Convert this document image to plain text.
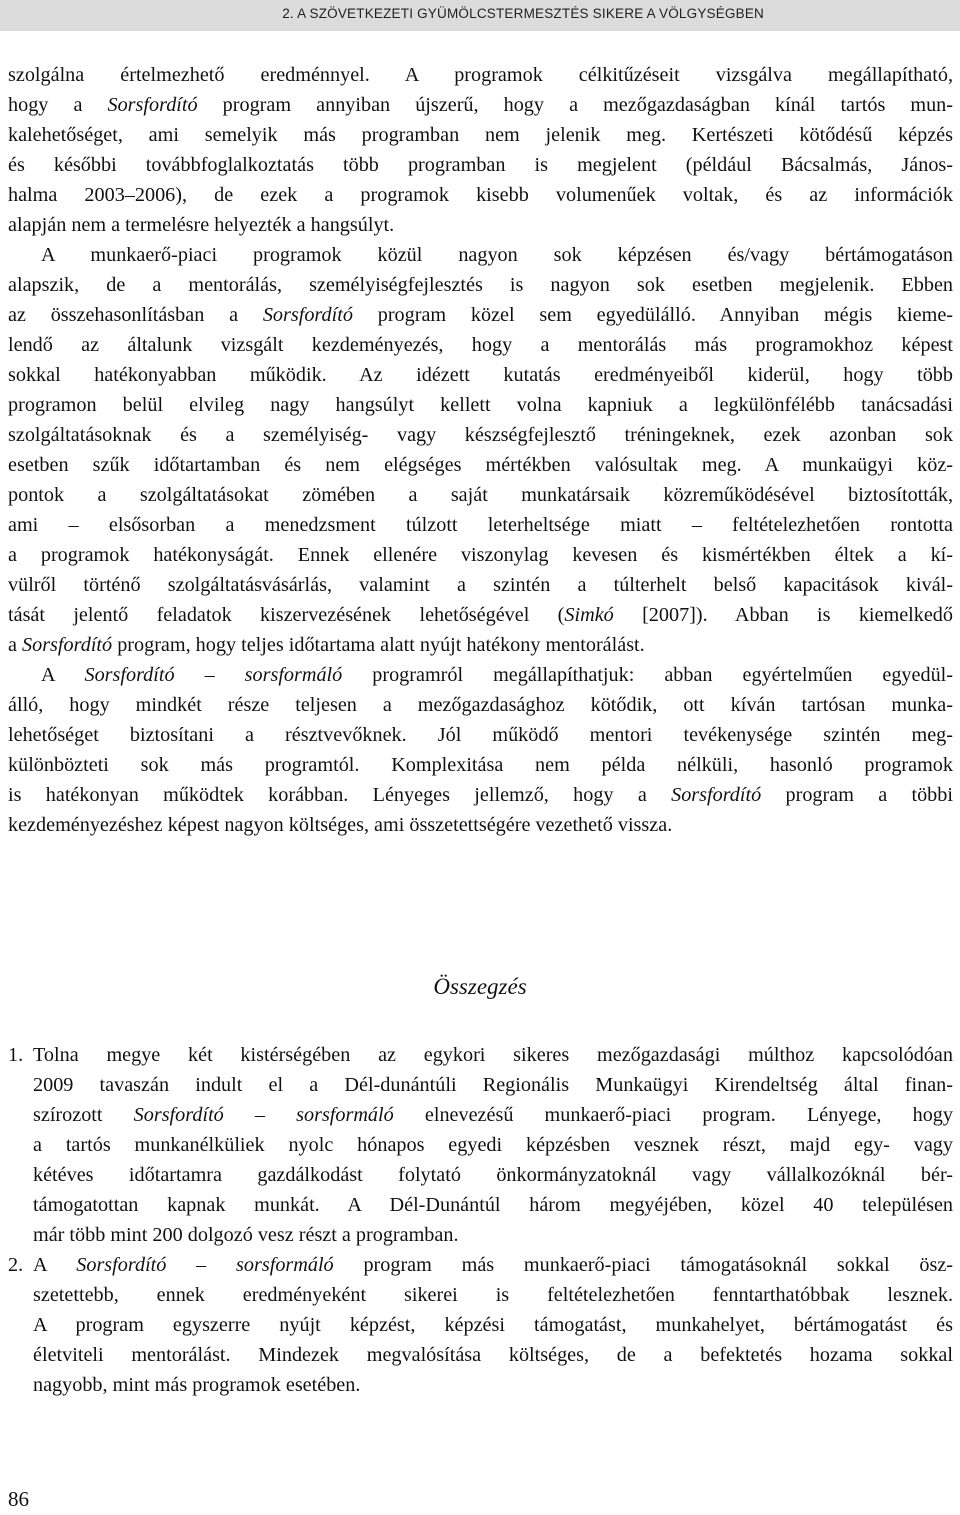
2. A SZÖVETKEZETI GYÜMÖLCSTERMESZTÉS SIKERE A VÖLGYSÉGBEN
szolgálna értelmezhető eredménnyel. A programok célkitűzéseit vizsgálva megállapítható,
hogy a Sorsfordító program annyiban újszerű, hogy a mezőgazdaságban kínál tartós mun-
kalehetőséget, ami semelyik más programban nem jelenik meg. Kertészeti kötődésű képzés
és későbbi továbbfoglalkoztatás több programban is megjelent (például Bácsalmás, János-
halma 2003–2006), de ezek a programok kisebb volumenűek voltak, és az információk
alapján nem a termelésre helyezték a hangsúlyt.
A munkaerő-piaci programok közül nagyon sok képzésen és/vagy bértámogatáson
alapszik, de a mentorálás, személyiségfejlesztés is nagyon sok esetben megjelenik. Ebben
az összehasonlításban a Sorsfordító program közel sem egyedülálló. Annyiban mégis kieme-
lendő az általunk vizsgált kezdeményezés, hogy a mentorálás más programokhoz képest
sokkal hatékonyabban működik. Az idézett kutatás eredményeiből kiderül, hogy több
programon belül elvileg nagy hangsúlyt kellett volna kapniuk a legkülönfélébb tanácsadási
szolgáltatásoknak és a személyiség- vagy készségfejlesztő tréningeknek, ezek azonban sok
esetben szűk időtartamban és nem elégséges mértékben valósultak meg. A munkaügyi köz-
pontok a szolgáltatásokat zömében a saját munkatársaik közreműködésével biztosították,
ami – elsősorban a menedzsment túlzott leterheltsége miatt – feltételezhetően rontotta
a programok hatékonyságát. Ennek ellenére viszonylag kevesen és kismértékben éltek a kí-
vülről történő szolgáltatásvásárlás, valamint a szintén a túlterhelt belső kapacitások kivál-
tását jelentő feladatok kiszervezésének lehetőségével (Simkó [2007]). Abban is kiemelkedő
a Sorsfordító program, hogy teljes időtartama alatt nyújt hatékony mentorálást.
A Sorsfordító – sorsformáló programról megállapíthatjuk: abban egyértelműen egyedül-
álló, hogy mindkét része teljesen a mezőgazdasághoz kötődik, ott kíván tartósan munka-
lehetőséget biztosítani a résztvevőknek. Jól működő mentori tevékenysége szintén meg-
különbözteti sok más programtól. Komplexitása nem példa nélküli, hasonló programok
is hatékonyan működtek korábban. Lényeges jellemző, hogy a Sorsfordító program a többi
kezdeményezéshez képest nagyon költséges, ami összetettségére vezethető vissza.
Összegzés
1. Tolna megye két kistérségében az egykori sikeres mezőgazdasági múlthoz kapcsolódóan
2009 tavaszán indult el a Dél-dunántúli Regionális Munkaügyi Kirendeltség által finan-
szírozott Sorsfordító – sorsformáló elnevezésű munkaerő-piaci program. Lényege, hogy
a tartós munkanélküliek nyolc hónapos egyedi képzésben vesznek részt, majd egy- vagy
kétéves időtartamra gazdálkodást folytató önkormányzatoknál vagy vállalkozóknál bér-
támogatottan kapnak munkát. A Dél-Dunántúl három megyéjében, közel 40 településen
már több mint 200 dolgozó vesz részt a programban.
2. A Sorsfordító – sorsformáló program más munkaerő-piaci támogatásoknál sokkal ösz-
szetettebb, ennek eredményeként sikerei is feltételezhetően fenntarthatóbbak lesznek.
A program egyszerre nyújt képzést, képzési támogatást, munkahelyet, bértámogatást és
életviteli mentorálást. Mindezek megvalósítása költséges, de a befektetés hozama sokkal
nagyobb, mint más programok esetében.
86
